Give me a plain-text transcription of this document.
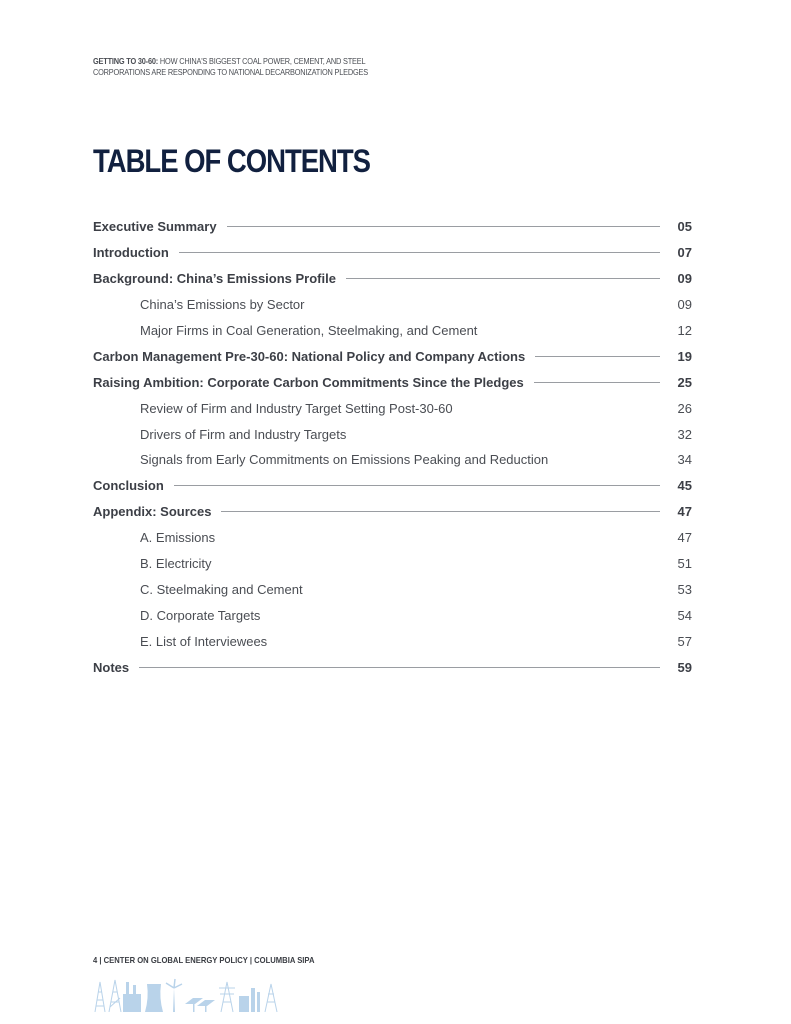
GETTING TO 30-60: HOW CHINA'S BIGGEST COAL POWER, CEMENT, AND STEEL
CORPORATIONS ARE RESPONDING TO NATIONAL DECARBONIZATION PLEDGES
TABLE OF CONTENTS
Executive Summary	05
Introduction	07
Background: China’s Emissions Profile	09
China’s Emissions by Sector	09
Major Firms in Coal Generation, Steelmaking, and Cement	12
Carbon Management Pre-30-60: National Policy and Company Actions	19
Raising Ambition: Corporate Carbon Commitments Since the Pledges	25
Review of Firm and Industry Target Setting Post-30-60	26
Drivers of Firm and Industry Targets	32
Signals from Early Commitments on Emissions Peaking and Reduction	34
Conclusion	45
Appendix: Sources	47
A. Emissions	47
B. Electricity	51
C. Steelmaking and Cement	53
D. Corporate Targets	54
E. List of Interviewees	57
Notes	59
4 | CENTER ON GLOBAL ENERGY POLICY | COLUMBIA SIPA
